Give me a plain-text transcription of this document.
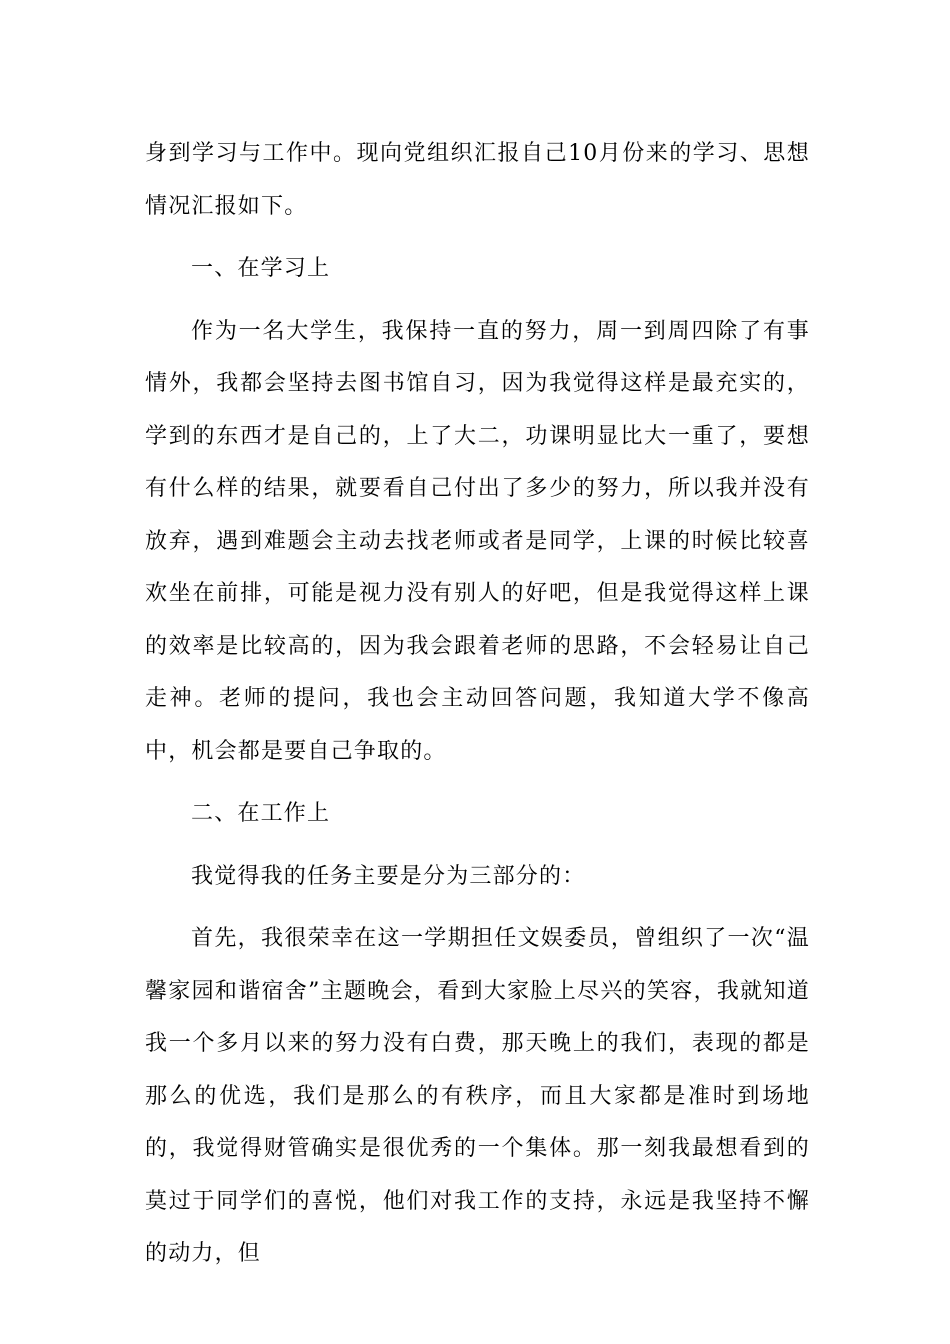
身到学习与工作中。现向党组织汇报自己10月份来的学习、思想情况汇报如下。

一、在学习上

作为一名大学生，我保持一直的努力，周一到周四除了有事情外，我都会坚持去图书馆自习，因为我觉得这样是最充实的，学到的东西才是自己的，上了大二，功课明显比大一重了，要想有什么样的结果，就要看自己付出了多少的努力，所以我并没有放弃，遇到难题会主动去找老师或者是同学，上课的时候比较喜欢坐在前排，可能是视力没有别人的好吧，但是我觉得这样上课的效率是比较高的，因为我会跟着老师的思路，不会轻易让自己走神。老师的提问，我也会主动回答问题，我知道大学不像高中，机会都是要自己争取的。

二、在工作上

我觉得我的任务主要是分为三部分的：

首先，我很荣幸在这一学期担任文娱委员，曾组织了一次“温馨家园和谐宿舍”主题晚会，看到大家脸上尽兴的笑容，我就知道我一个多月以来的努力没有白费，那天晚上的我们，表现的都是那么的优选，我们是那么的有秩序，而且大家都是准时到场地的，我觉得财管确实是很优秀的一个集体。那一刻我最想看到的莫过于同学们的喜悦，他们对我工作的支持，永远是我坚持不懈的动力，但
